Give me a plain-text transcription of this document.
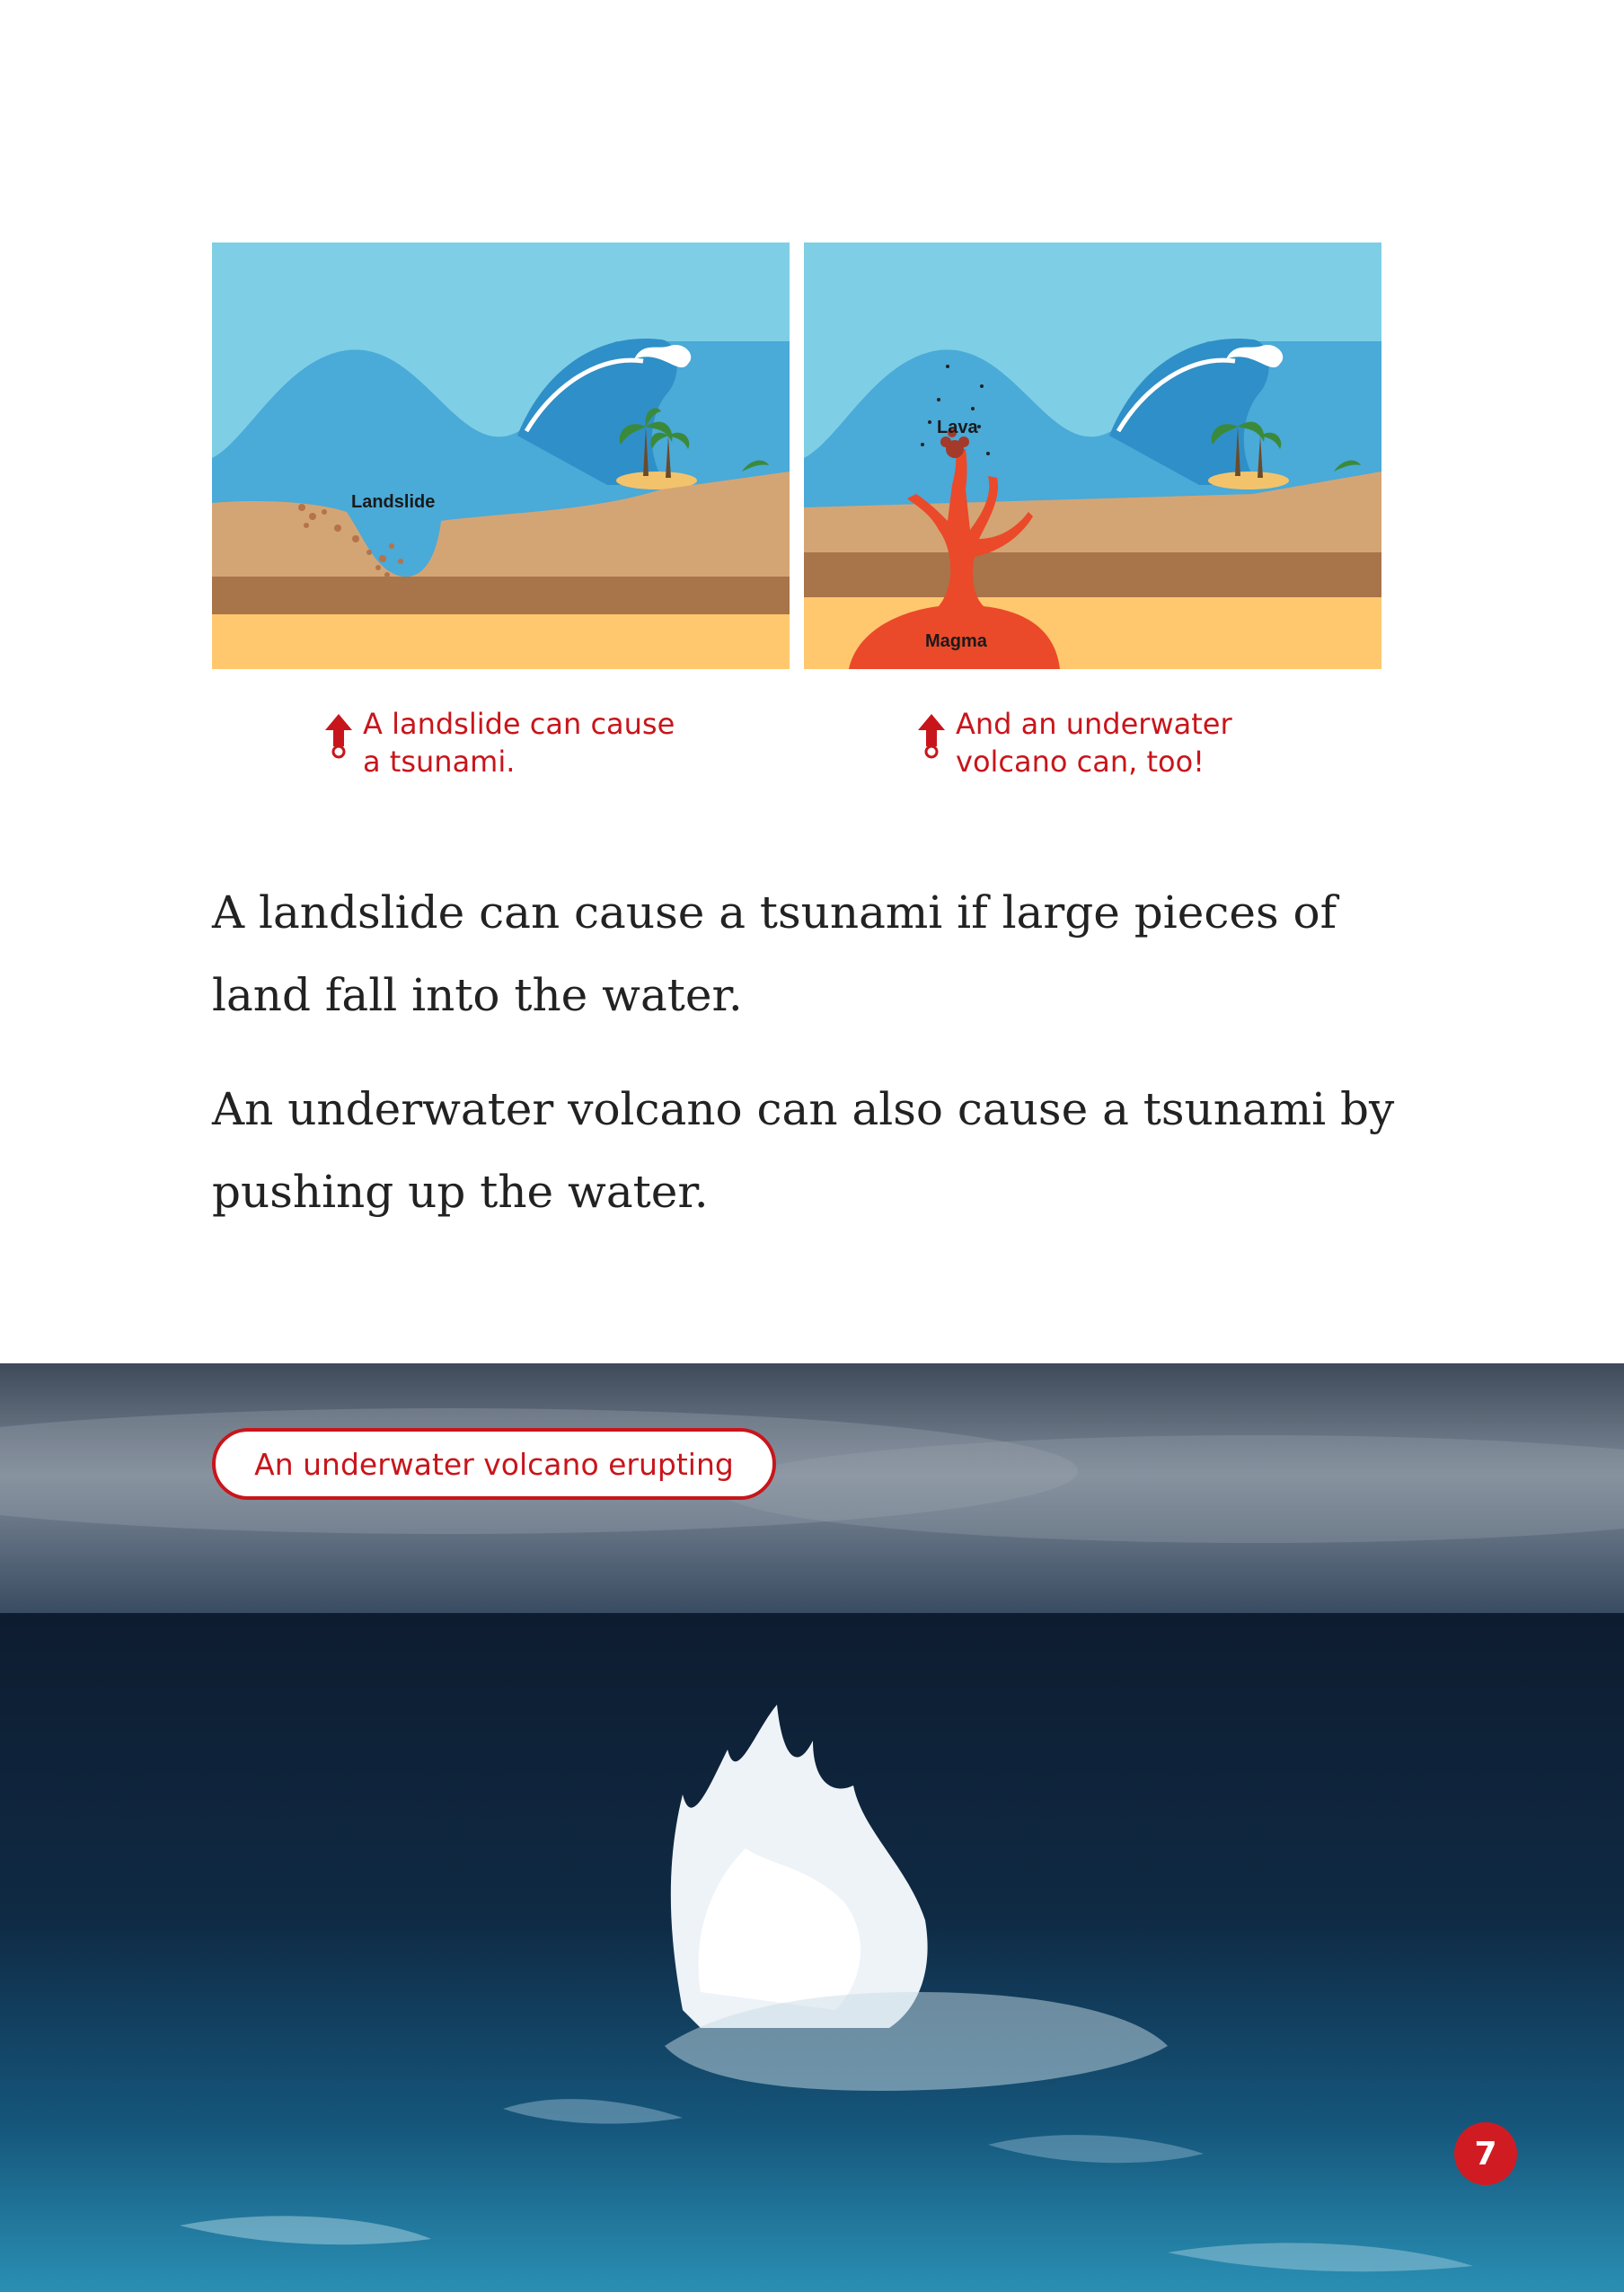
Landslide
Lava
Magma
A landslide can cause a tsunami.
And an underwater volcano can, too!

A landslide can cause a tsunami if large pieces of land fall into the water.

An underwater volcano can also cause a tsunami by pushing up the water.

An underwater volcano erupting
7
